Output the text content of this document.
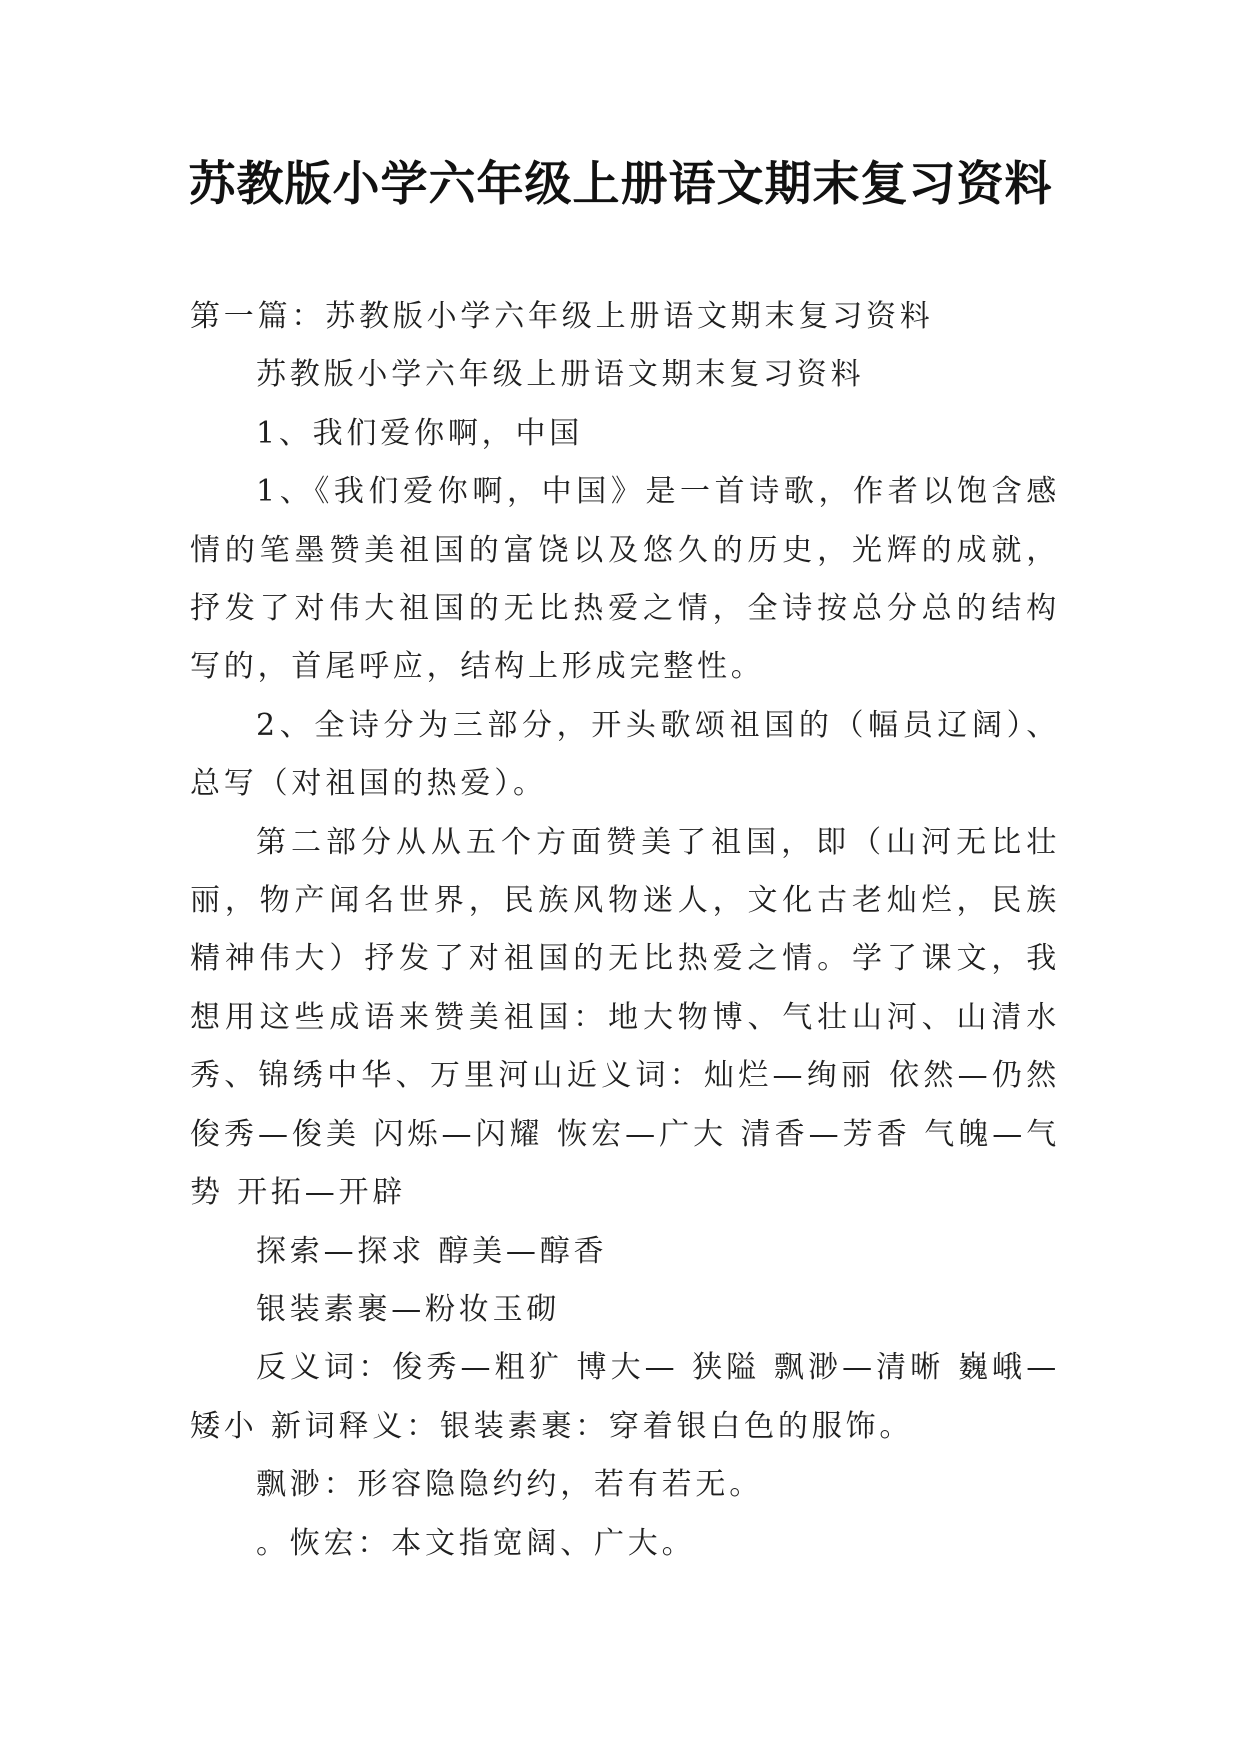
苏教版小学六年级上册语文期末复习资料

第一篇：苏教版小学六年级上册语文期末复习资料

苏教版小学六年级上册语文期末复习资料

1、我们爱你啊，中国

1、《我们爱你啊，中国》是一首诗歌，作者以饱含感情的笔墨赞美祖国的富饶以及悠久的历史，光辉的成就，抒发了对伟大祖国的无比热爱之情，全诗按总分总的结构写的，首尾呼应，结构上形成完整性。

2、全诗分为三部分，开头歌颂祖国的（幅员辽阔）、总写（对祖国的热爱）。

第二部分从从五个方面赞美了祖国，即（山河无比壮丽，物产闻名世界，民族风物迷人，文化古老灿烂，民族精神伟大）抒发了对祖国的无比热爱之情。学了课文，我想用这些成语来赞美祖国：地大物博、气壮山河、山清水秀、锦绣中华、万里河山近义词：灿烂—绚丽 依然—仍然 俊秀—俊美 闪烁—闪耀 恢宏—广大 清香—芳香 气魄—气势 开拓—开辟

探索—探求 醇美—醇香

银装素裹—粉妆玉砌

反义词：俊秀—粗犷 博大— 狭隘 飘渺—清晰 巍峨—矮小 新词释义：银装素裹：穿着银白色的服饰。

飘渺：形容隐隐约约，若有若无。

。恢宏：本文指宽阔、广大。
